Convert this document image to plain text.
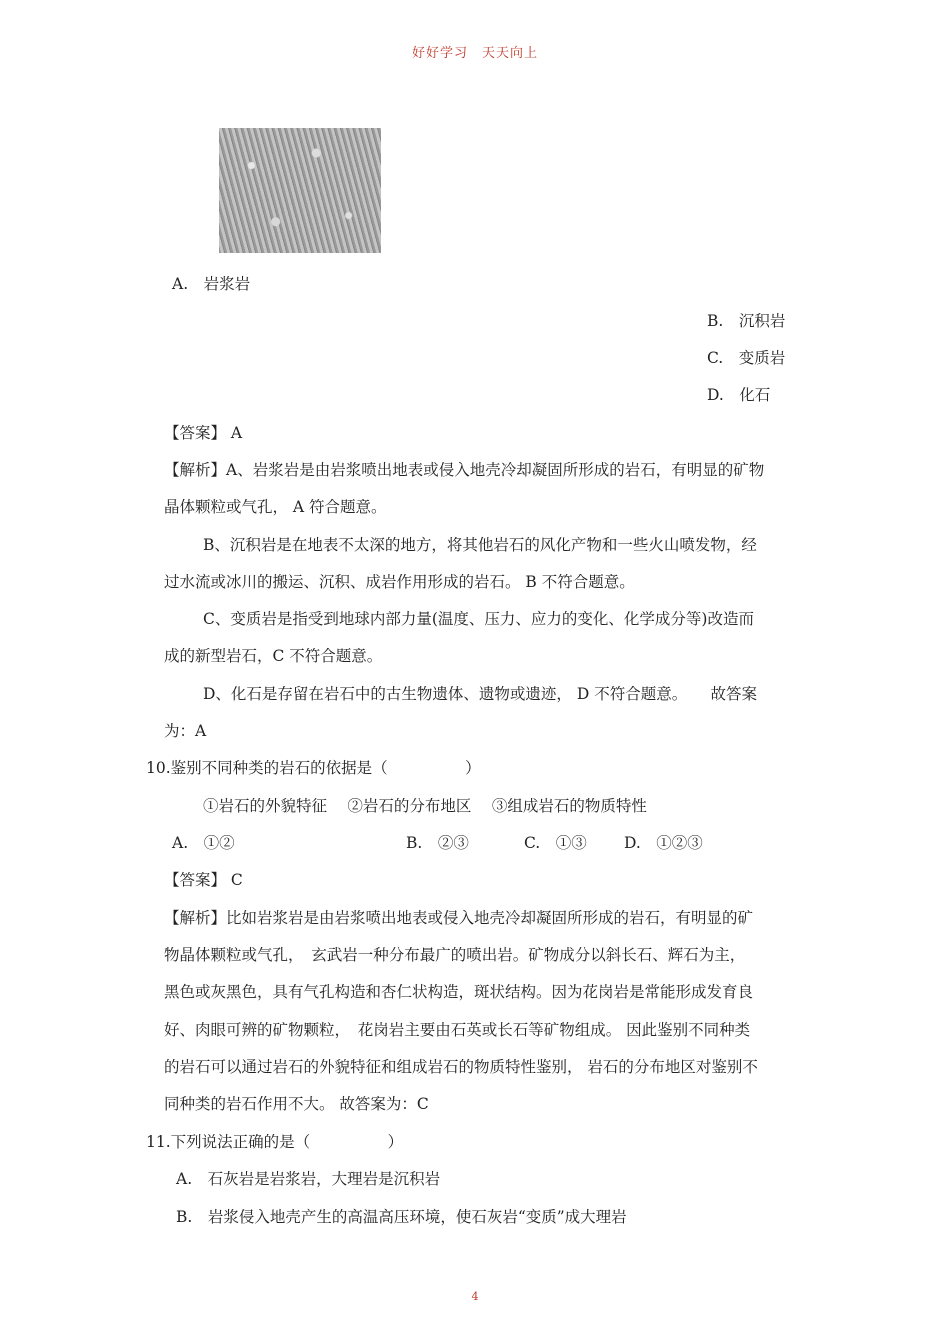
好好学习　天天向上
A.　岩浆岩
B.　沉积岩
C.　变质岩
D.　化石
【答案】 A
【解析】A、岩浆岩是由岩浆喷出地表或侵入地壳冷却凝固所形成的岩石，有明显的矿物
晶体颗粒或气孔， A 符合题意。
B、沉积岩是在地表不太深的地方，将其他岩石的风化产物和一些火山喷发物，经
过水流或冰川的搬运、沉积、成岩作用形成的岩石。 B 不符合题意。
C、变质岩是指受到地球内部力量(温度、压力、应力的变化、化学成分等)改造而
成的新型岩石，C 不符合题意。
D、化石是存留在岩石中的古生物遗体、遗物或遗迹， D 不符合题意。　　故答案
为：A
10.鉴别不同种类的岩石的依据是（　　　　　）
①岩石的外貌特征　 ②岩石的分布地区　 ③组成岩石的物质特性
A.　①②	B.　②③	C.　①③ D.　①②③
【答案】 C
【解析】比如岩浆岩是由岩浆喷出地表或侵入地壳冷却凝固所形成的岩石，有明显的矿
物晶体颗粒或气孔，　玄武岩一种分布最广的喷出岩。矿物成分以斜长石、辉石为主，
黑色或灰黑色，具有气孔构造和杏仁状构造，斑状结构。因为花岗岩是常能形成发育良
好、肉眼可辨的矿物颗粒，　花岗岩主要由石英或长石等矿物组成。 因此鉴别不同种类
的岩石可以通过岩石的外貌特征和组成岩石的物质特性鉴别， 岩石的分布地区对鉴别不
同种类的岩石作用不大。 故答案为：C
11.下列说法正确的是（　　　　　）
A.　石灰岩是岩浆岩，大理岩是沉积岩
B.　岩浆侵入地壳产生的高温高压环境，使石灰岩“变质”成大理岩
4
